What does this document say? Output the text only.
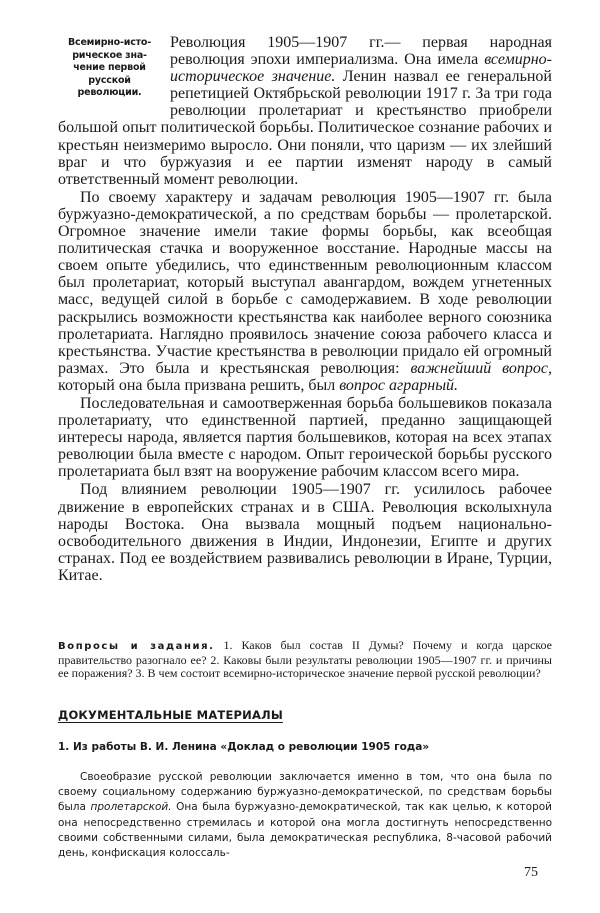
Всемирно-исто-
рическое зна-
чение первой
русской
революции.

Революция 1905—1907 гг.— первая народная революция эпохи империализма. Она имела всемирно-историческое значение. Ленин назвал ее генеральной репетицией Октябрьской революции 1917 г. За три года революции пролетариат и крестьянство приобрели большой опыт политической борьбы. Политическое сознание рабочих и крестьян неизмеримо выросло. Они поняли, что царизм — их злейший враг и что буржуазия и ее партии изменят народу в самый ответственный момент революции.

По своему характеру и задачам революция 1905—1907 гг. была буржуазно-демократической, а по средствам борьбы — пролетарской. Огромное значение имели такие формы борьбы, как всеобщая политическая стачка и вооруженное восстание. Народные массы на своем опыте убедились, что единственным революционным классом был пролетариат, который выступал авангардом, вождем угнетенных масс, ведущей силой в борьбе с самодержавием. В ходе революции раскрылись возможности крестьянства как наиболее верного союзника пролетариата. Наглядно проявилось значение союза рабочего класса и крестьянства. Участие крестьянства в революции придало ей огромный размах. Это была и крестьянская революция: важнейший вопрос, который она была призвана решить, был вопрос аграрный.

Последовательная и самоотверженная борьба большевиков показала пролетариату, что единственной партией, преданно защищающей интересы народа, является партия большевиков, которая на всех этапах революции была вместе с народом. Опыт героической борьбы русского пролетариата был взят на вооружение рабочим классом всего мира.

Под влиянием революции 1905—1907 гг. усилилось рабочее движение в европейских странах и в США. Революция всколыхнула народы Востока. Она вызвала мощный подъем национально-освободительного движения в Индии, Индонезии, Египте и других странах. Под ее воздействием развивались революции в Иране, Турции, Китае.

Вопросы и задания. 1. Каков был состав II Думы? Почему и когда царское правительство разогнало ее? 2. Каковы были результаты революции 1905—1907 гг. и причины ее поражения? 3. В чем состоит всемирно-историческое значение первой русской революции?
ДОКУМЕНТАЛЬНЫЕ МАТЕРИАЛЫ
1. Из работы В. И. Ленина «Доклад о революции 1905 года»
Своеобразие русской революции заключается именно в том, что она была по своему социальному содержанию буржуазно-демократической, по средствам борьбы была пролетарской. Она была буржуазно-демократической, так как целью, к которой она непосредственно стремилась и которой она могла достигнуть непосредственно своими собственными силами, была демократическая республика, 8-часовой рабочий день, конфискация колоссаль-
75
